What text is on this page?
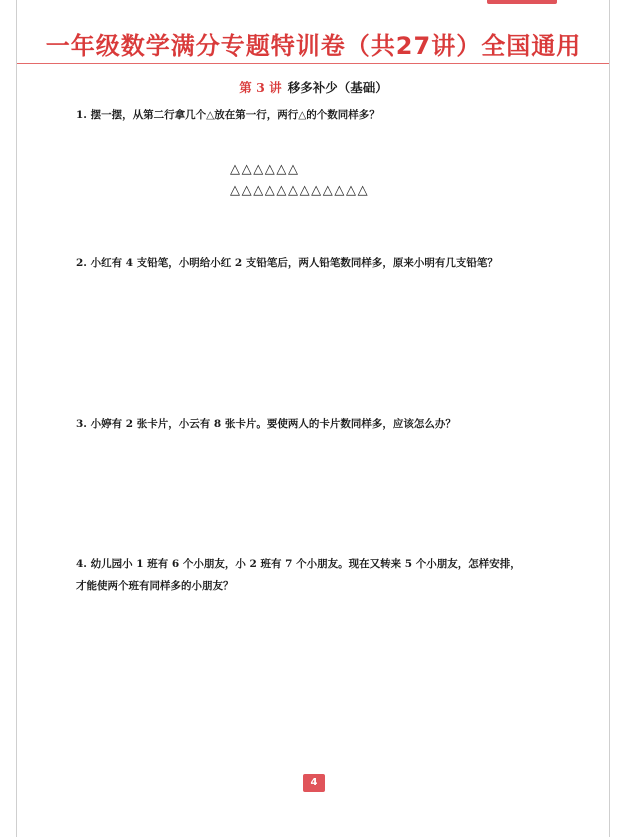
一年级数学满分专题特训卷（共27讲）全国通用
第 3 讲 移多补少（基础）
1. 摆一摆，从第二行拿几个△放在第一行，两行△的个数同样多？
△△△△△△
△△△△△△△△△△△△
2. 小红有 4 支铅笔，小明给小红 2 支铅笔后，两人铅笔数同样多，原来小明有几支铅笔？
3. 小婷有 2 张卡片，小云有 8 张卡片。要使两人的卡片数同样多，应该怎么办？
4. 幼儿园小 1 班有 6 个小朋友，小 2 班有 7 个小朋友。现在又转来 5 个小朋友，怎样安排，
才能使两个班有同样多的小朋友？
4
